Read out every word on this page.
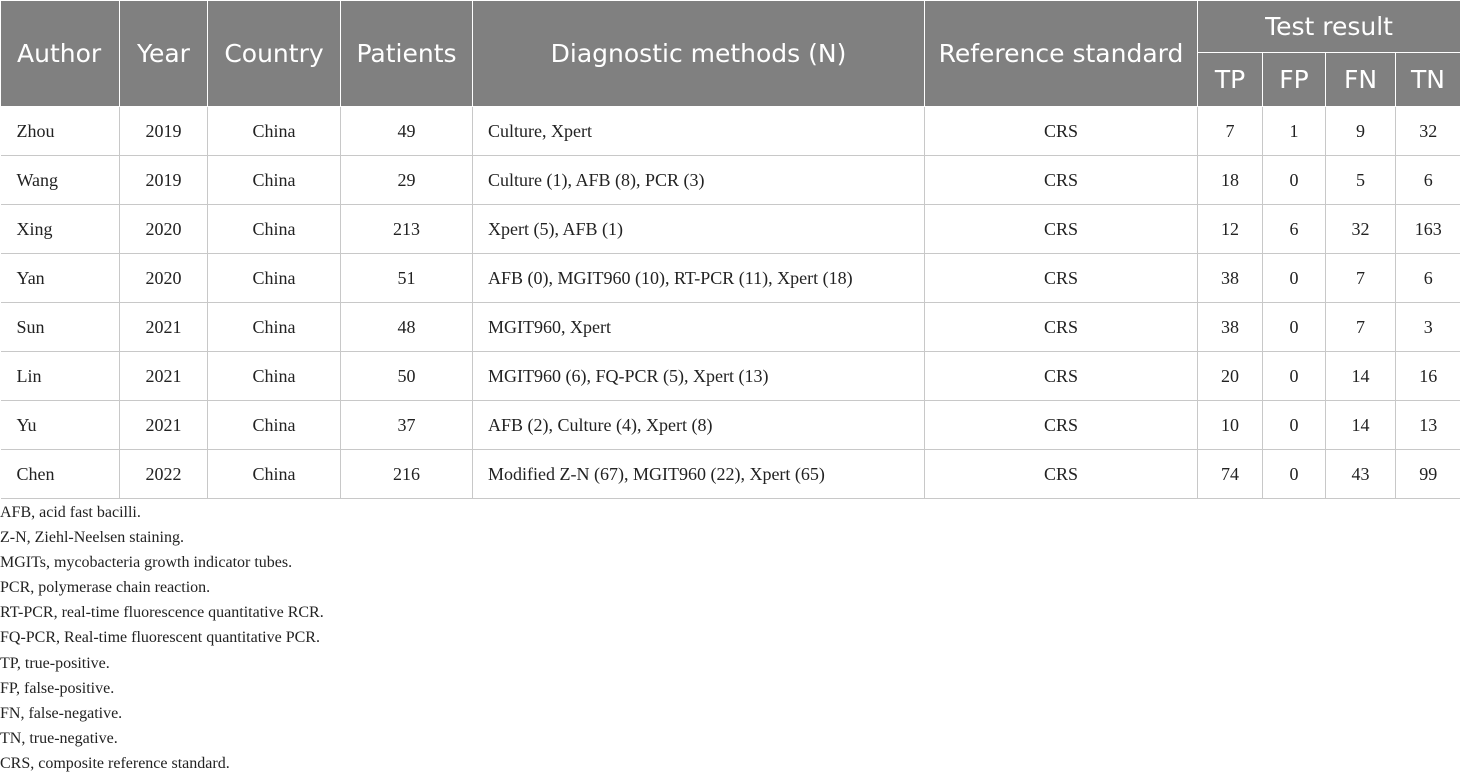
Author	Year	Country	Patients	Diagnostic methods (N)	Reference standard	Test result			
						TP	FP	FN	TN
Zhou	2019	China	49	Culture, Xpert	CRS	7	1	9	32
Wang	2019	China	29	Culture (1), AFB (8), PCR (3)	CRS	18	0	5	6
Xing	2020	China	213	Xpert (5), AFB (1)	CRS	12	6	32	163
Yan	2020	China	51	AFB (0), MGIT960 (10), RT-PCR (11), Xpert (18)	CRS	38	0	7	6
Sun	2021	China	48	MGIT960, Xpert	CRS	38	0	7	3
Lin	2021	China	50	MGIT960 (6), FQ-PCR (5), Xpert (13)	CRS	20	0	14	16
Yu	2021	China	37	AFB (2), Culture (4), Xpert (8)	CRS	10	0	14	13
Chen	2022	China	216	Modified Z-N (67), MGIT960 (22), Xpert (65)	CRS	74	0	43	99
AFB, acid fast bacilli.
Z-N, Ziehl-Neelsen staining.
MGITs, mycobacteria growth indicator tubes.
PCR, polymerase chain reaction.
RT-PCR, real-time fluorescence quantitative RCR.
FQ-PCR, Real-time fluorescent quantitative PCR.
TP, true-positive.
FP, false-positive.
FN, false-negative.
TN, true-negative.
CRS, composite reference standard.
